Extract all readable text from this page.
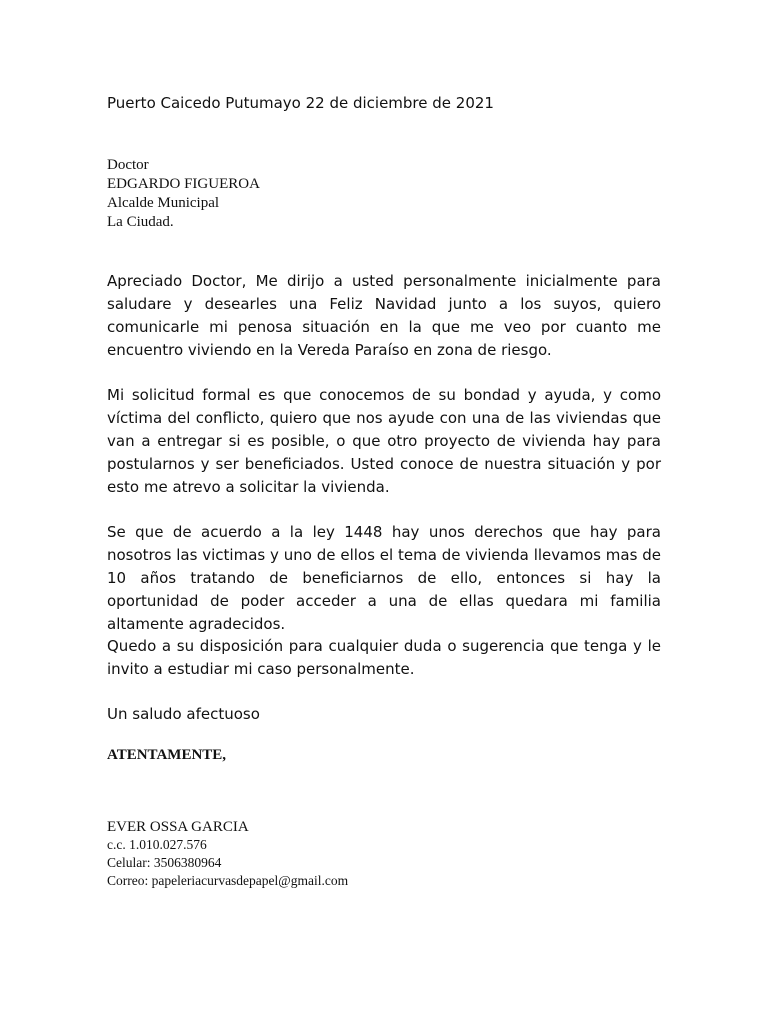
Puerto Caicedo Putumayo 22 de diciembre de 2021
Doctor
EDGARDO FIGUEROA
Alcalde Municipal
La Ciudad.

Apreciado Doctor, Me dirijo a usted personalmente inicialmente para saludare y desearles una Feliz Navidad junto a los suyos, quiero comunicarle mi penosa situación en la que me veo por cuanto me encuentro viviendo en la Vereda Paraíso en zona de riesgo.

Mi solicitud formal es que conocemos de su bondad y ayuda, y como víctima del conflicto, quiero que nos ayude con una de las viviendas que van a entregar si es posible, o que otro proyecto de vivienda hay para postularnos y ser beneficiados. Usted conoce de nuestra situación y por esto me atrevo a solicitar la vivienda.

Se que de acuerdo a la ley 1448 hay unos derechos que hay para nosotros las victimas y uno de ellos el tema de vivienda llevamos mas de 10 años tratando de beneficiarnos de ello, entonces si hay la oportunidad de poder acceder a una de ellas quedara mi familia altamente agradecidos.

Quedo a su disposición para cualquier duda o sugerencia que tenga y le invito a estudiar mi caso personalmente.

Un saludo afectuoso
ATENTAMENTE,
EVER OSSA GARCIA
c.c. 1.010.027.576
Celular: 3506380964
Correo: papeleriacurvasdepapel@gmail.com
